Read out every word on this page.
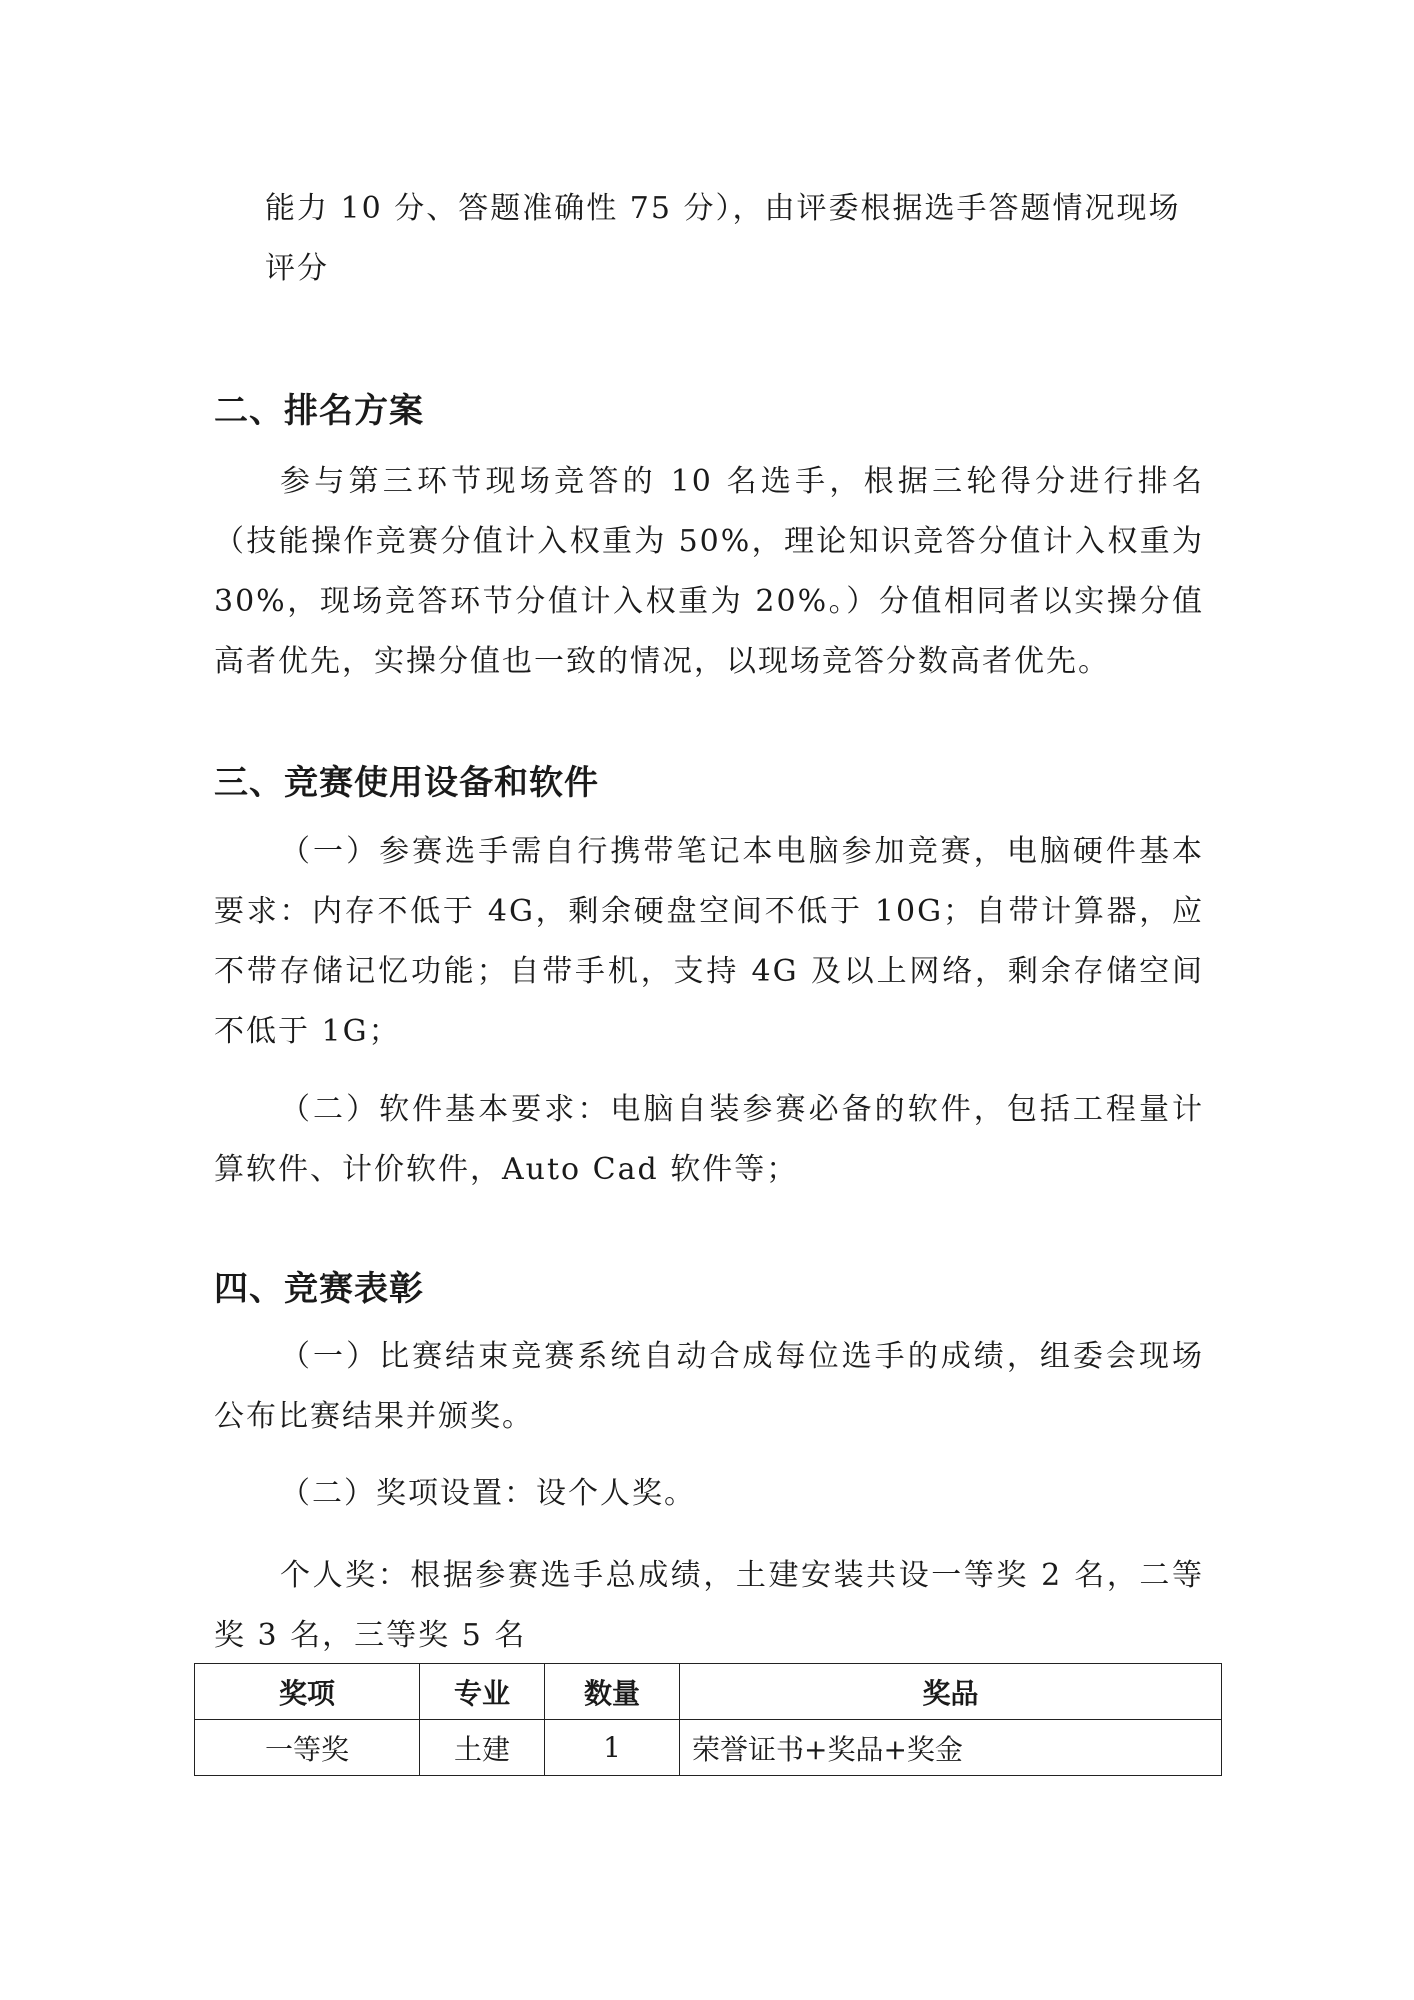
能力 10 分、答题准确性 75 分），由评委根据选手答题情况现场

评分

二、排名方案

参与第三环节现场竞答的 10 名选手，根据三轮得分进行排名（技能操作竞赛分值计入权重为 50%，理论知识竞答分值计入权重为 30%，现场竞答环节分值计入权重为 20%。）分值相同者以实操分值高者优先，实操分值也一致的情况，以现场竞答分数高者优先。

三、竞赛使用设备和软件

（一）参赛选手需自行携带笔记本电脑参加竞赛，电脑硬件基本要求：内存不低于 4G，剩余硬盘空间不低于 10G；自带计算器，应不带存储记忆功能；自带手机，支持 4G 及以上网络，剩余存储空间不低于 1G；

（二）软件基本要求：电脑自装参赛必备的软件，包括工程量计算软件、计价软件，Auto Cad 软件等；

四、竞赛表彰

（一）比赛结束竞赛系统自动合成每位选手的成绩，组委会现场公布比赛结果并颁奖。

（二）奖项设置：设个人奖。

个人奖：根据参赛选手总成绩，土建安装共设一等奖 2 名，二等奖 3 名，三等奖 5 名

奖项	专业	数量	奖品
一等奖	土建	1	荣誉证书+奖品+奖金
